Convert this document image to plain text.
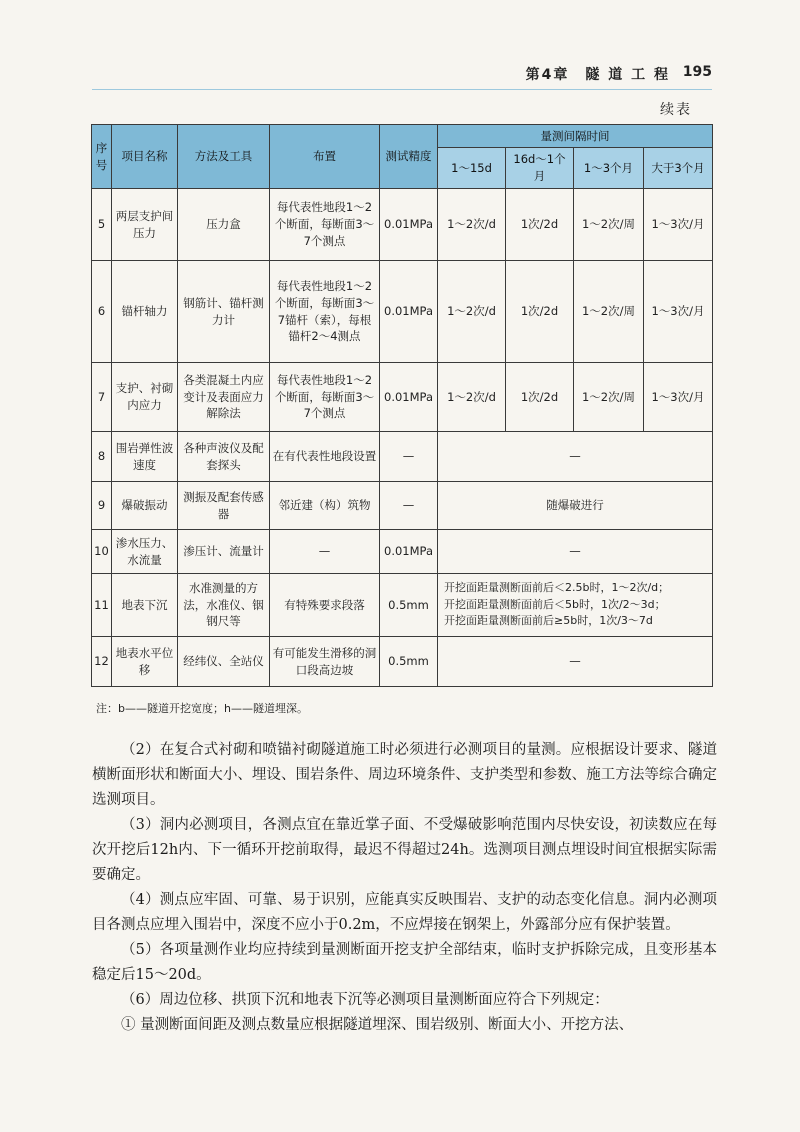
第4章　隧 道 工 程 195
续表
序号	项目名称	方法及工具	布置	测试精度	量测间隔时间			
					1～15d	16d～1个月	1～3个月	大于3个月
5	两层支护间压力	压力盒	每代表性地段1～2个断面，每断面3～7个测点	0.01MPa	1～2次/d	1次/2d	1～2次/周	1～3次/月
6	锚杆轴力	钢筋计、锚杆测力计	每代表性地段1～2个断面，每断面3～7锚杆（索），每根锚杆2～4测点	0.01MPa	1～2次/d	1次/2d	1～2次/周	1～3次/月
7	支护、衬砌内应力	各类混凝土内应变计及表面应力解除法	每代表性地段1～2个断面，每断面3～7个测点	0.01MPa	1～2次/d	1次/2d	1～2次/周	1～3次/月
8	围岩弹性波速度	各种声波仪及配套探头	在有代表性地段设置	—	—			
9	爆破振动	测振及配套传感器	邻近建（构）筑物	—	随爆破进行			
10	渗水压力、水流量	渗压计、流量计	—	0.01MPa	—			
11	地表下沉	水准测量的方法，水准仪、铟钢尺等	有特殊要求段落	0.5mm	开挖面距量测断面前后＜2.5b时，1～2次/d；
开挖面距量测断面前后＜5b时，1次/2～3d；
开挖面距量测断面前后≥5b时，1次/3～7d			

12	地表水平位移	经纬仪、全站仪	有可能发生滑移的洞口段高边坡	0.5mm	—			
注：b——隧道开挖宽度；h——隧道埋深。

（2）在复合式衬砌和喷锚衬砌隧道施工时必须进行必测项目的量测。应根据设计要求、隧道横断面形状和断面大小、埋设、围岩条件、周边环境条件、支护类型和参数、施工方法等综合确定选测项目。

（3）洞内必测项目，各测点宜在靠近掌子面、不受爆破影响范围内尽快安设，初读数应在每次开挖后12h内、下一循环开挖前取得，最迟不得超过24h。选测项目测点埋设时间宜根据实际需要确定。

（4）测点应牢固、可靠、易于识别，应能真实反映围岩、支护的动态变化信息。洞内必测项目各测点应埋入围岩中，深度不应小于0.2m，不应焊接在钢架上，外露部分应有保护装置。

（5）各项量测作业均应持续到量测断面开挖支护全部结束，临时支护拆除完成，且变形基本稳定后15～20d。

（6）周边位移、拱顶下沉和地表下沉等必测项目量测断面应符合下列规定：

① 量测断面间距及测点数量应根据隧道埋深、围岩级别、断面大小、开挖方法、
